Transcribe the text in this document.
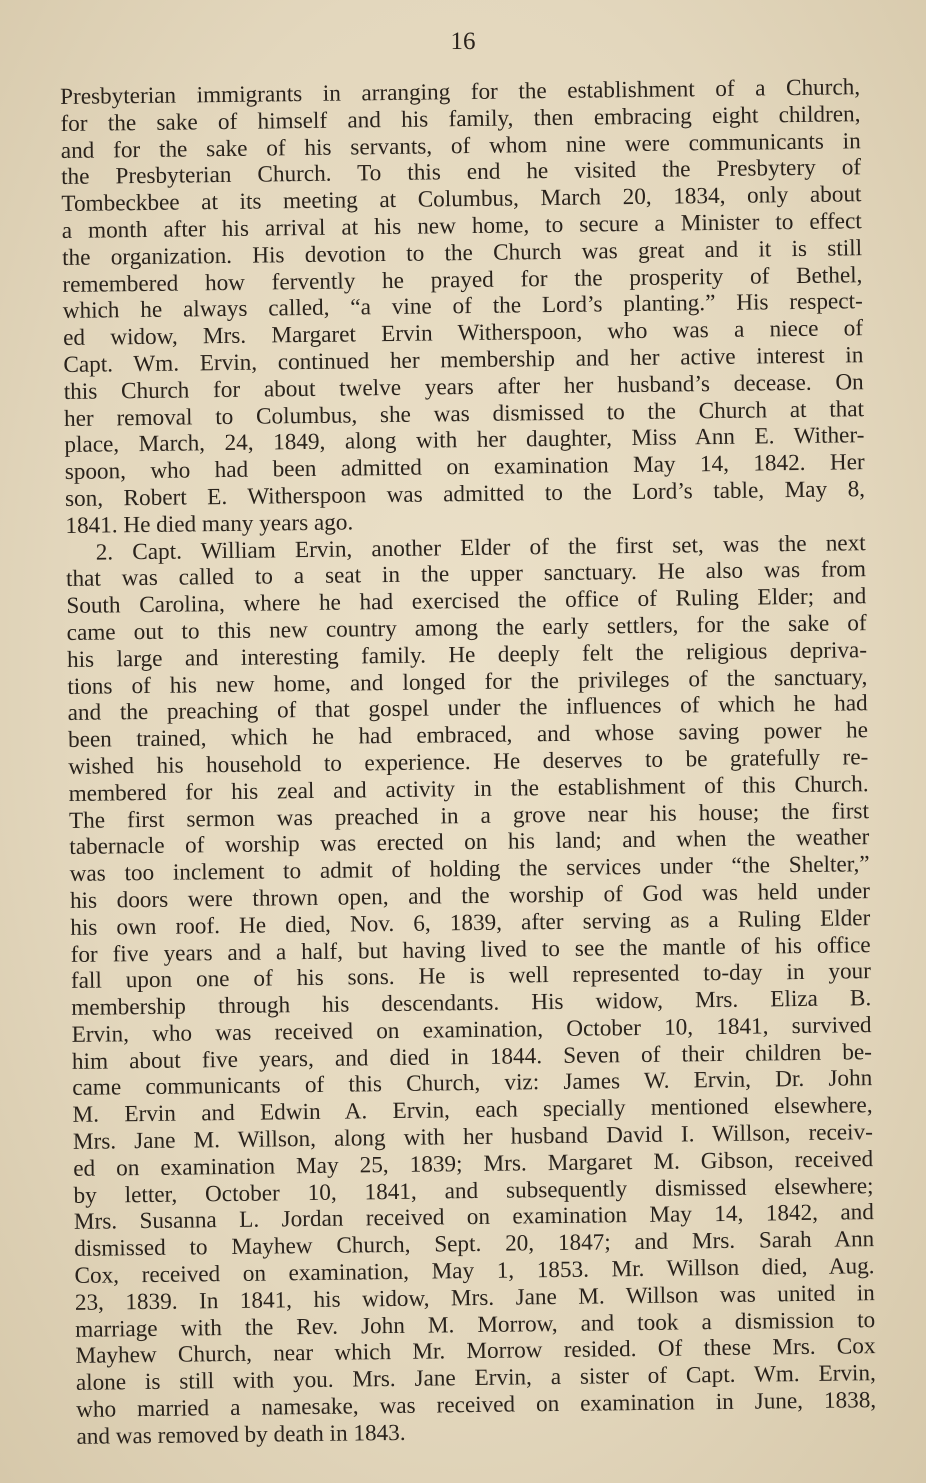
16
Presbyterian immigrants in arranging for the establishment of a Church,
for the sake of himself and his family, then embracing eight children,
and for the sake of his servants, of whom nine were communicants in
the Presbyterian Church. To this end he visited the Presbytery of
Tombeckbee at its meeting at Columbus, March 20, 1834, only about
a month after his arrival at his new home, to secure a Minister to effect
the organization. His devotion to the Church was great and it is still
remembered how fervently he prayed for the prosperity of Bethel,
which he always called, “a vine of the Lord’s planting.” His respect-
ed widow, Mrs. Margaret Ervin Witherspoon, who was a niece of
Capt. Wm. Ervin, continued her membership and her active interest in
this Church for about twelve years after her husband’s decease. On
her removal to Columbus, she was dismissed to the Church at that
place, March, 24, 1849, along with her daughter, Miss Ann E. Wither-
spoon, who had been admitted on examination May 14, 1842. Her
son, Robert E. Witherspoon was admitted to the Lord’s table, May 8,
1841. He died many years ago.
2. Capt. William Ervin, another Elder of the first set, was the next
that was called to a seat in the upper sanctuary. He also was from
South Carolina, where he had exercised the office of Ruling Elder; and
came out to this new country among the early settlers, for the sake of
his large and interesting family. He deeply felt the religious depriva-
tions of his new home, and longed for the privileges of the sanctuary,
and the preaching of that gospel under the influences of which he had
been trained, which he had embraced, and whose saving power he
wished his household to experience. He deserves to be gratefully re-
membered for his zeal and activity in the establishment of this Church.
The first sermon was preached in a grove near his house; the first
tabernacle of worship was erected on his land; and when the weather
was too inclement to admit of holding the services under “the Shelter,”
his doors were thrown open, and the worship of God was held under
his own roof. He died, Nov. 6, 1839, after serving as a Ruling Elder
for five years and a half, but having lived to see the mantle of his office
fall upon one of his sons. He is well represented to-day in your
membership through his descendants. His widow, Mrs. Eliza B.
Ervin, who was received on examination, October 10, 1841, survived
him about five years, and died in 1844. Seven of their children be-
came communicants of this Church, viz: James W. Ervin, Dr. John
M. Ervin and Edwin A. Ervin, each specially mentioned elsewhere,
Mrs. Jane M. Willson, along with her husband David I. Willson, receiv-
ed on examination May 25, 1839; Mrs. Margaret M. Gibson, received
by letter, October 10, 1841, and subsequently dismissed elsewhere;
Mrs. Susanna L. Jordan received on examination May 14, 1842, and
dismissed to Mayhew Church, Sept. 20, 1847; and Mrs. Sarah Ann
Cox, received on examination, May 1, 1853. Mr. Willson died, Aug.
23, 1839. In 1841, his widow, Mrs. Jane M. Willson was united in
marriage with the Rev. John M. Morrow, and took a dismission to
Mayhew Church, near which Mr. Morrow resided. Of these Mrs. Cox
alone is still with you. Mrs. Jane Ervin, a sister of Capt. Wm. Ervin,
who married a namesake, was received on examination in June, 1838,
and was removed by death in 1843.
